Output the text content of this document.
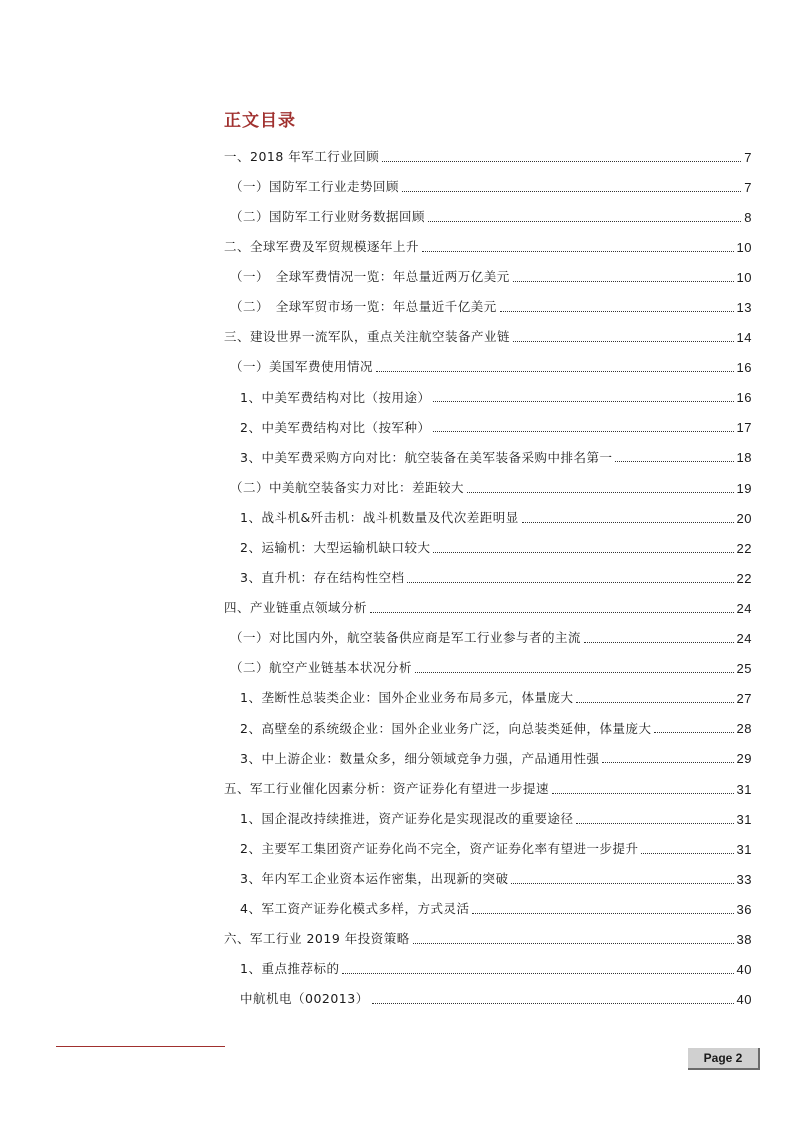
正文目录
一、2018 年军工行业回顾	7
（一）国防军工行业走势回顾	7
（二）国防军工行业财务数据回顾	8
二、全球军费及军贸规模逐年上升	10
（一）　全球军费情况一览：年总量近两万亿美元	10
（二）　全球军贸市场一览：年总量近千亿美元	13
三、建设世界一流军队，重点关注航空装备产业链	14
（一）美国军费使用情况	16
1、中美军费结构对比（按用途）	16
2、中美军费结构对比（按军种）	17
3、中美军费采购方向对比：航空装备在美军装备采购中排名第一	18
（二）中美航空装备实力对比：差距较大	19
1、战斗机&歼击机：战斗机数量及代次差距明显	20
2、运输机：大型运输机缺口较大	22
3、直升机：存在结构性空档	22
四、产业链重点领域分析	24
（一）对比国内外，航空装备供应商是军工行业参与者的主流	24
（二）航空产业链基本状况分析	25
1、垄断性总装类企业：国外企业业务布局多元，体量庞大	27
2、高壁垒的系统级企业：国外企业业务广泛，向总装类延伸，体量庞大	28
3、中上游企业：数量众多，细分领域竞争力强，产品通用性强	29
五、军工行业催化因素分析：资产证券化有望进一步提速	31
1、国企混改持续推进，资产证券化是实现混改的重要途径	31
2、主要军工集团资产证券化尚不完全，资产证券化率有望进一步提升	31
3、年内军工企业资本运作密集，出现新的突破	33
4、军工资产证券化模式多样，方式灵活	36
六、军工行业 2019 年投资策略	38
1、重点推荐标的	40
中航机电（002013）	40
Page 2
